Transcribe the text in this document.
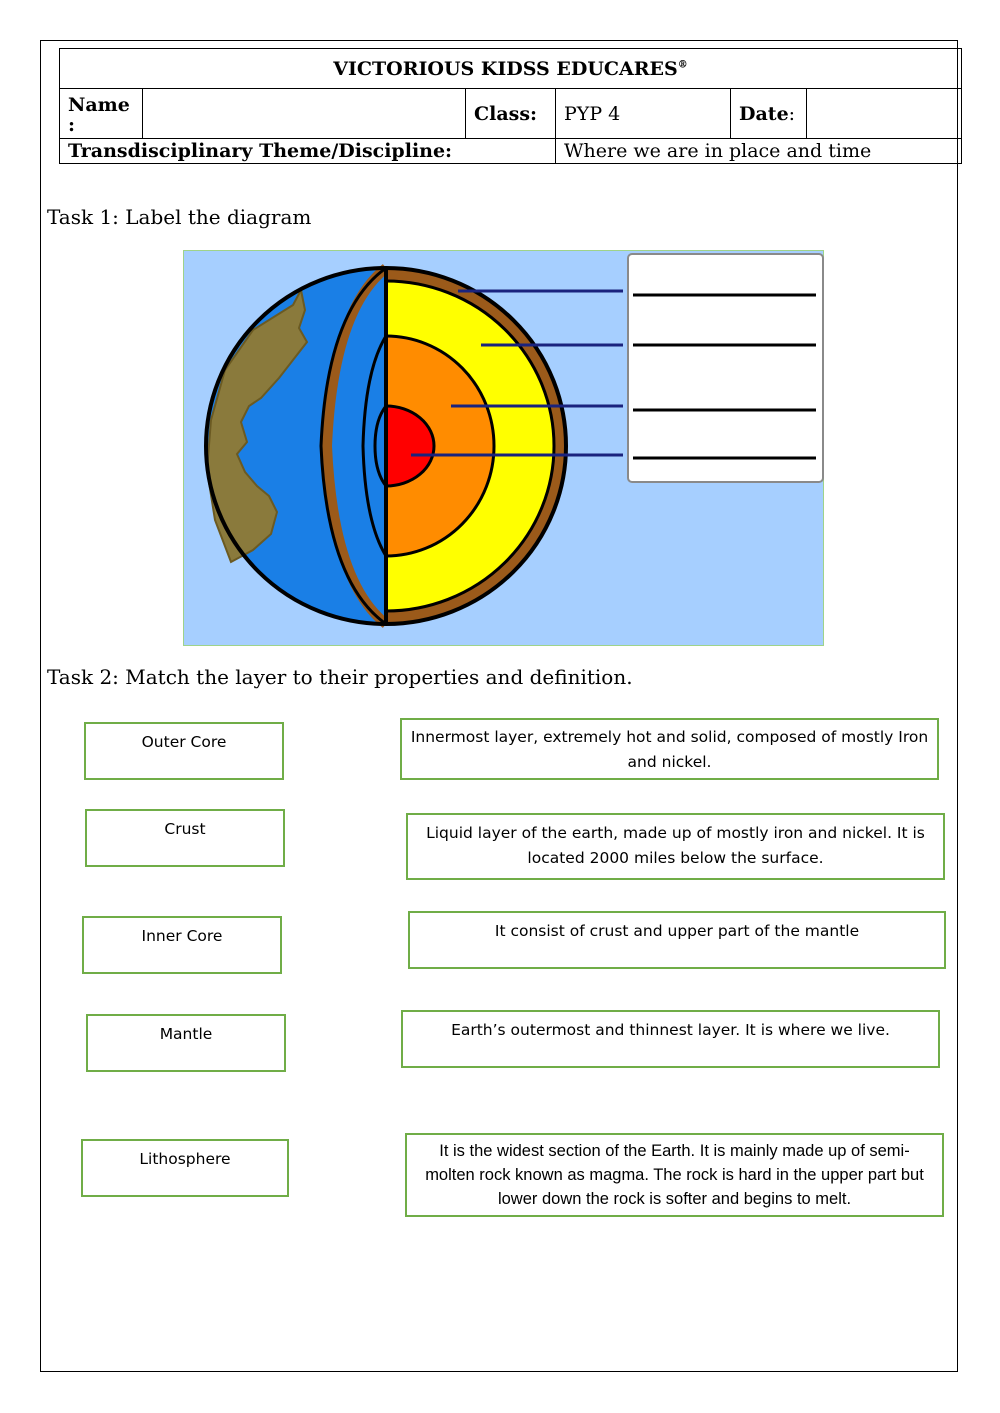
VICTORIOUS KIDSS EDUCARES®
Name
:		Class:	PYP 4	Date:	
Transdisciplinary Theme/Discipline:			Where we are in place and time		
Task 1: Label the diagram
Task 2: Match the layer to their properties and definition.
Outer Core
Crust
Inner Core
Mantle
Lithosphere
Innermost layer, extremely hot and solid, composed of mostly Iron and nickel.
Liquid layer of the earth, made up of mostly iron and nickel. It is located 2000 miles below the surface.
It consist of crust and upper part of the mantle
Earth’s outermost and thinnest layer. It is where we live.
It is the widest section of the Earth. It is mainly made up of semi-molten rock known as magma. The rock is hard in the upper part but lower down the rock is softer and begins to melt.
